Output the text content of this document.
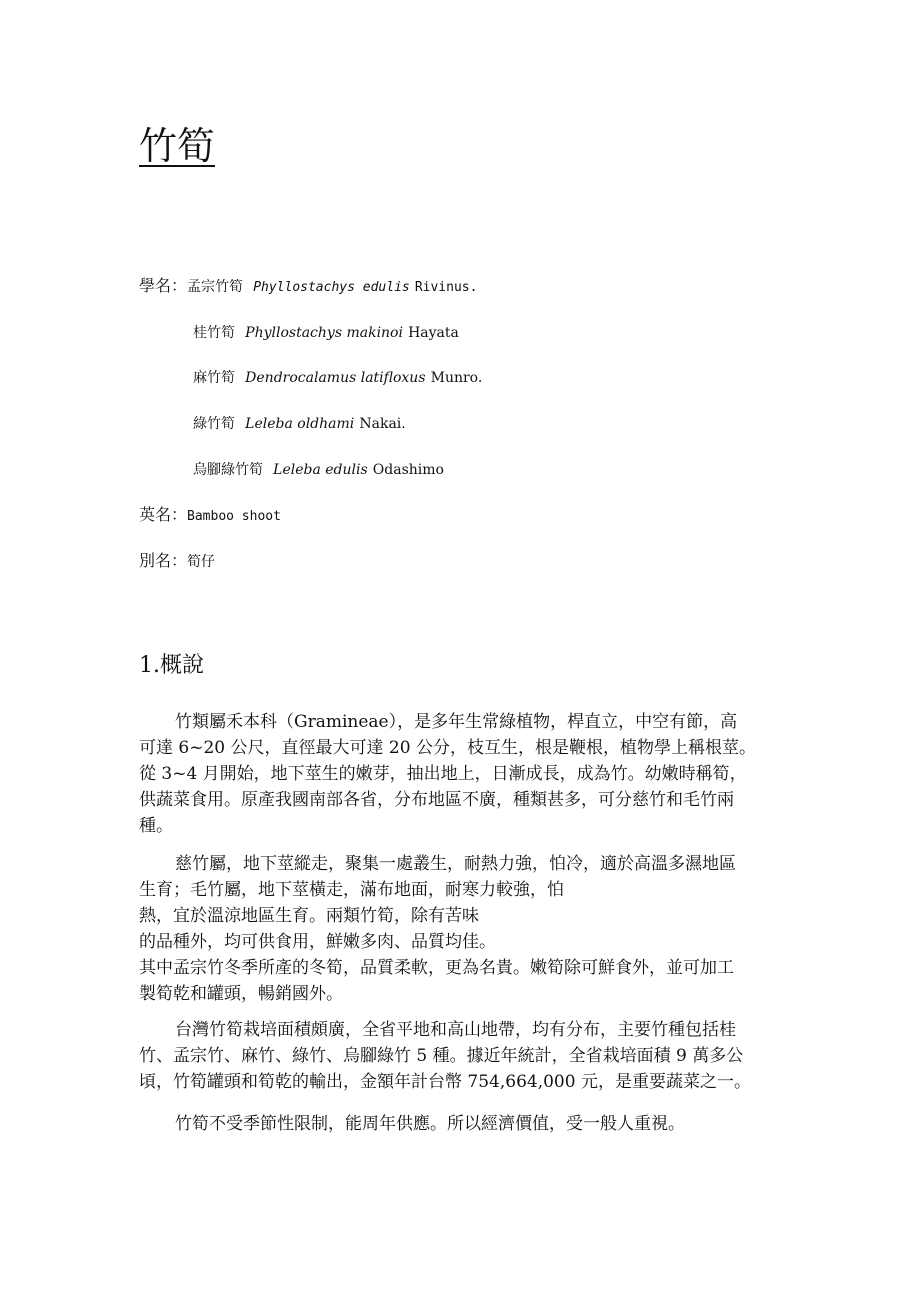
竹筍
學名：孟宗竹筍 Phyllostachys edulis Rivinus.
桂竹筍 Phyllostachys makinoi Hayata
麻竹筍 Dendrocalamus latifloxus Munro.
綠竹筍 Leleba oldhami Nakai.
烏腳綠竹筍 Leleba edulis Odashimo
英名：Bamboo shoot
別名：筍仔
1.概說
竹類屬禾本科（Gramineae），是多年生常綠植物，桿直立，中空有節，高
可達 6~20 公尺，直徑最大可達 20 公分，枝互生，根是鞭根，植物學上稱根莖。
從 3~4 月開始，地下莖生的嫩芽，抽出地上，日漸成長，成為竹。幼嫩時稱筍，
供蔬菜食用。原產我國南部各省，分布地區不廣，種類甚多，可分慈竹和毛竹兩
種。
慈竹屬，地下莖縱走，聚集一處叢生，耐熱力強，怕冷，適於高溫多濕地區
生育；毛竹屬，地下莖橫走，滿布地面，耐寒力較強，怕
熱，宜於溫涼地區生育。兩類竹筍，除有苦味
的品種外，均可供食用，鮮嫩多肉、品質均佳。
其中孟宗竹冬季所產的冬筍，品質柔軟，更為名貴。嫩筍除可鮮食外，並可加工
製筍乾和罐頭，暢銷國外。
台灣竹筍栽培面積頗廣，全省平地和高山地帶，均有分布，主要竹種包括桂
竹、孟宗竹、麻竹、綠竹、烏腳綠竹 5 種。據近年統計，全省栽培面積 9 萬多公
頃，竹筍罐頭和筍乾的輸出，金額年計台幣 754,664,000 元，是重要蔬菜之一。
竹筍不受季節性限制，能周年供應。所以經濟價值，受一般人重視。
